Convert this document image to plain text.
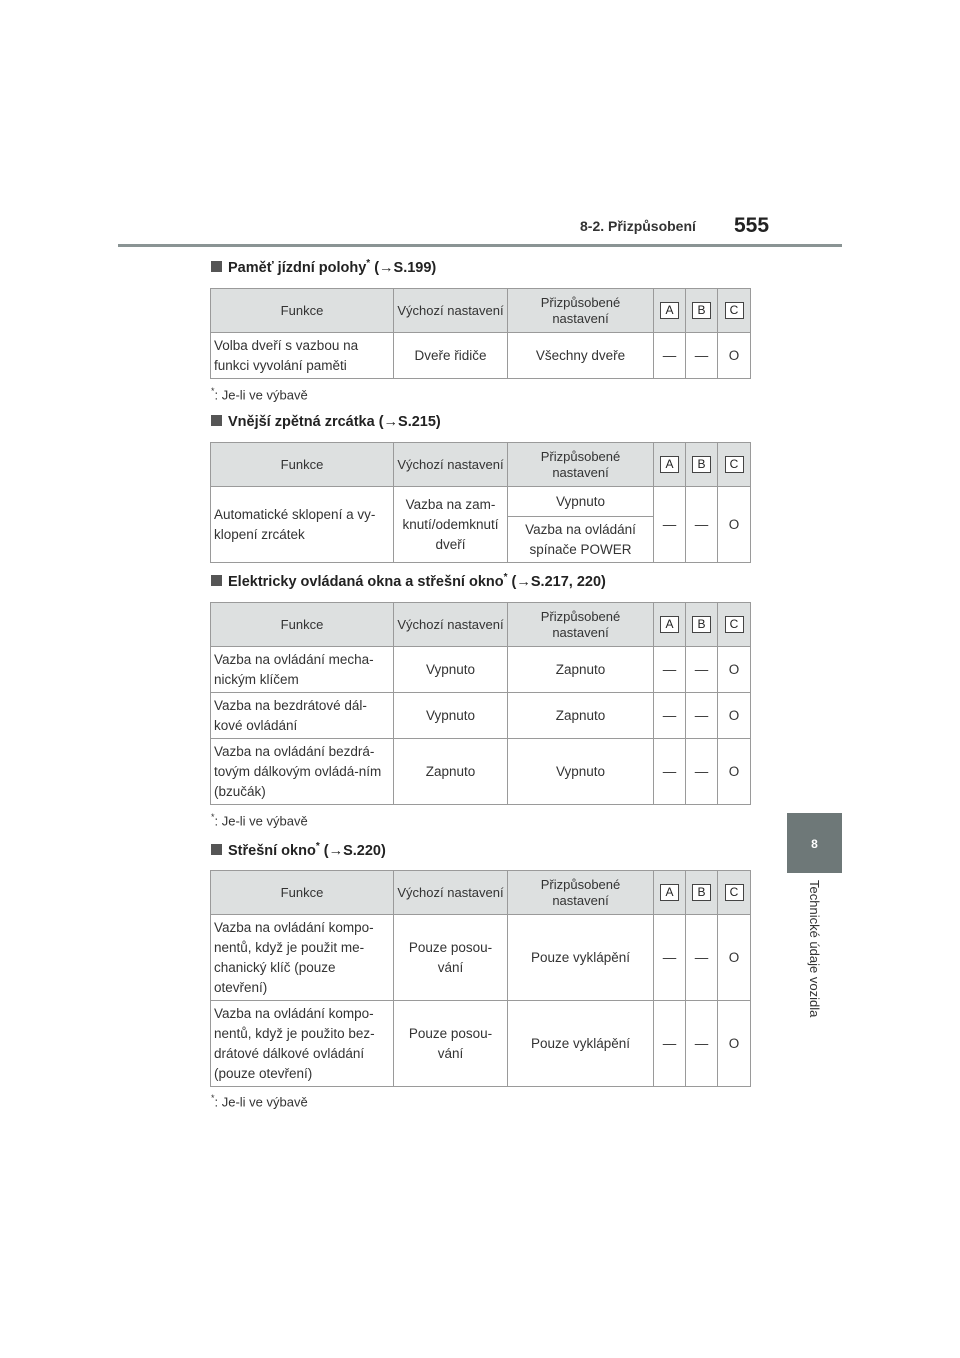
8-2. Přizpůsobení 555
8
Technické údaje vozidla
Paměť jízdní polohy* (→S.199)
Funkce	Výchozí nastavení	Přizpůsobené nastavení	A	B	C
Volba dveří s vazbou na funkci vyvolání paměti	Dveře řidiče	Všechny dveře	—	—	O
*: Je-li ve výbavě
Vnější zpětná zrcátka (→S.215)
Funkce	Výchozí nastavení	Přizpůsobené nastavení	A	B	C
Automatické sklopení a vy-klopení zrcátek	Vazba na zam-knutí/odemknutí dveří	Vypnuto	—	—	O
		Vazba na ovládání spínače POWER			
Elektricky ovládaná okna a střešní okno* (→S.217, 220)
Funkce	Výchozí nastavení	Přizpůsobené nastavení	A	B	C
Vazba na ovládání mecha-nickým klíčem	Vypnuto	Zapnuto	—	—	O
Vazba na bezdrátové dál-kové ovládání	Vypnuto	Zapnuto	—	—	O
Vazba na ovládání bezdrá-tovým dálkovým ovládá-ním (bzučák)	Zapnuto	Vypnuto	—	—	O
*: Je-li ve výbavě
Střešní okno* (→S.220)
Funkce	Výchozí nastavení	Přizpůsobené nastavení	A	B	C
Vazba na ovládání kompo-nentů, když je použit me-chanický klíč (pouze otevření)	Pouze posou-vání	Pouze vyklápění	—	—	O
Vazba na ovládání kompo-nentů, když je použito bez-drátové dálkové ovládání (pouze otevření)	Pouze posou-vání	Pouze vyklápění	—	—	O
*: Je-li ve výbavě
